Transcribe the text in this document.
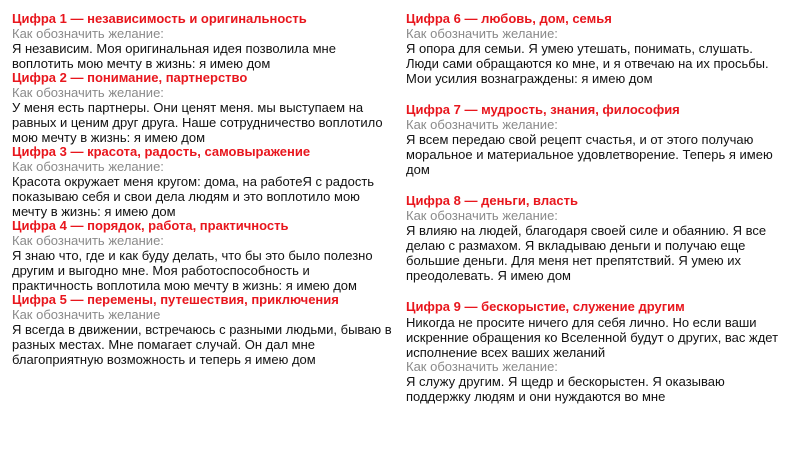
Цифра 1 — независимость и оригинальность
Как обозначить желание:
Я независим. Моя оригинальная идея позволила мне воплотить мою мечту в жизнь: я имею дом
Цифра 2 — понимание, партнерство
Как обозначить желание:
У меня есть партнеры. Они ценят меня. мы выступаем на равных и ценим друг друга. Наше сотрудничество воплотило мою мечту в жизнь: я имею дом
Цифра 3 — красота, радость, самовыражение
Как обозначить желание:
Красота окружает меня кругом: дома, на работеЯ с радость показываю себя и свои дела людям и это воплотило мою мечту в жизнь: я имею дом
Цифра 4 — порядок, работа, практичность
Как обозначить желание:
Я знаю что, где и как буду делать, что бы это было полезно другим и выгодно мне. Моя работоспособность и практичность воплотила мою мечту в жизнь: я имею дом
Цифра 5 — перемены, путешествия, приключения
Как обозначить желание
Я всегда в движении, встречаюсь с разными людьми, бываю в разных местах. Мне помагает случай. Он дал мне благоприятную возможность и теперь я имею дом
Цифра 6 — любовь, дом, семья
Как обозначить желание:
Я опора для семьи. Я умею утешать, понимать, слушать. Люди сами обращаются ко мне, и я отвечаю на их просьбы. Мои усилия вознаграждены: я имею дом
Цифра 7 — мудрость, знания, философия
Как обозначить желание:
Я всем передаю свой рецепт счастья, и от этого получаю моральное и материальное удовлетворение. Теперь я имею дом
Цифра 8 — деньги, власть
Как обозначить желание:
Я влияю на людей, благодаря своей силе и обаянию. Я все делаю с размахом. Я вкладываю деньги и получаю еще большие деньги. Для меня нет препятствий. Я умею их преодолевать. Я имею дом
Цифра 9 — бескорыстие, служение другим
Никогда не просите ничего для себя лично. Но если ваши искренние обращения ко Вселенной будут о других, вас ждет исполнение всех ваших желаний
Как обозначить желание:
Я служу другим. Я щедр и бескорыстен. Я оказываю поддержку людям и они нуждаются во мне
